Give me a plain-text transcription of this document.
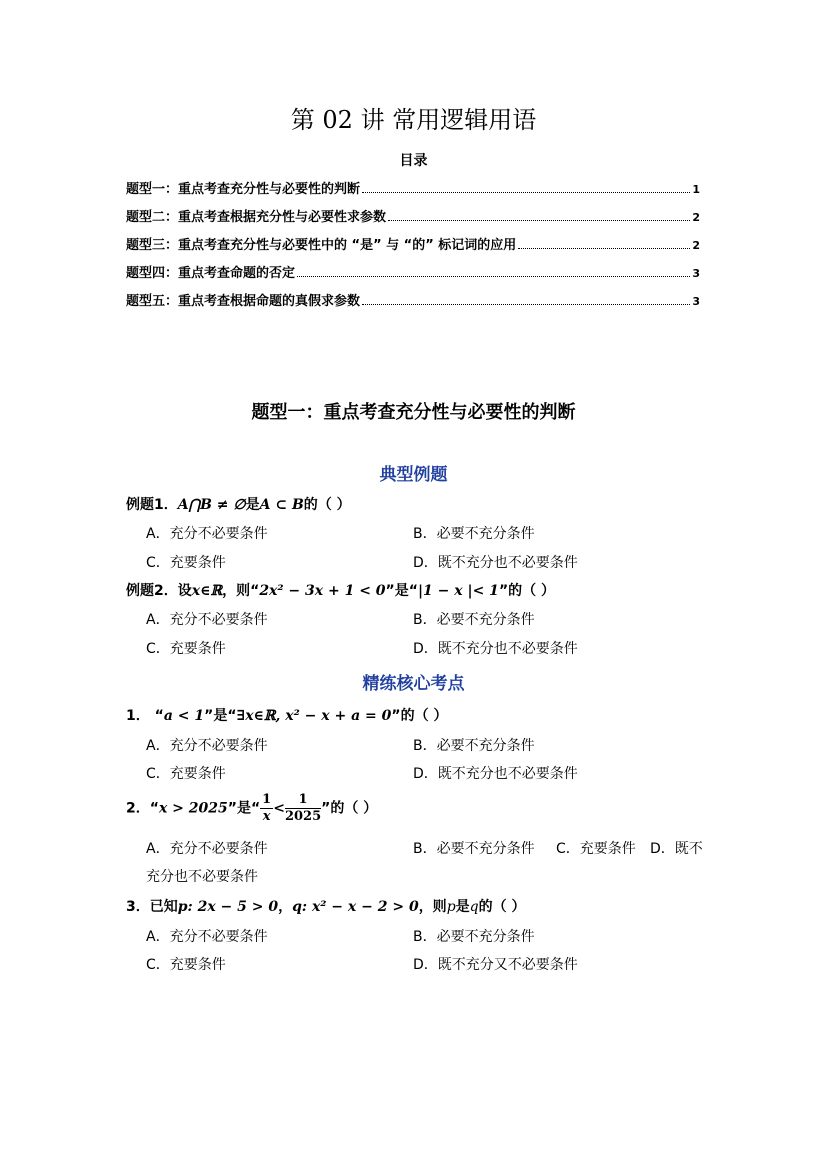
第 02 讲 常用逻辑用语
目录
题型一：重点考查充分性与必要性的判断	1
题型二：重点考查根据充分性与必要性求参数	2
题型三：重点考查充分性与必要性中的 “是” 与 “的” 标记词的应用	2
题型四：重点考查命题的否定	3
题型五：重点考查根据命题的真假求参数	3
题型一：重点考查充分性与必要性的判断
典型例题
例题1．A⋂B ≠ ∅是A ⊂ B的（ ）
A．充分不必要条件	B．必要不充分条件
C．充要条件	D．既不充分也不必要条件
例题2．设x∈ℝ，则“2x² − 3x + 1 < 0”是“|1 − x |< 1”的（ ）
A．充分不必要条件	B．必要不充分条件
C．充要条件	D．既不充分也不必要条件
精练核心考点
1． “a < 1”是“∃x∈ℝ, x² − x + a = 0”的（ ）
A．充分不必要条件	B．必要不充分条件
C．充要条件	D．既不充分也不必要条件
2．“x > 2025”是“ $\frac{1}{x} < \frac{1}{2025}$ ”的（ ）
A．充分不必要条件	B．必要不充分条件 C．充要条件 D．既不
充分也不必要条件
3．已知p: 2x − 5 > 0，q: x² − x − 2 > 0，则p是q的（ ）
A．充分不必要条件	B．必要不充分条件
C．充要条件	D．既不充分又不必要条件
